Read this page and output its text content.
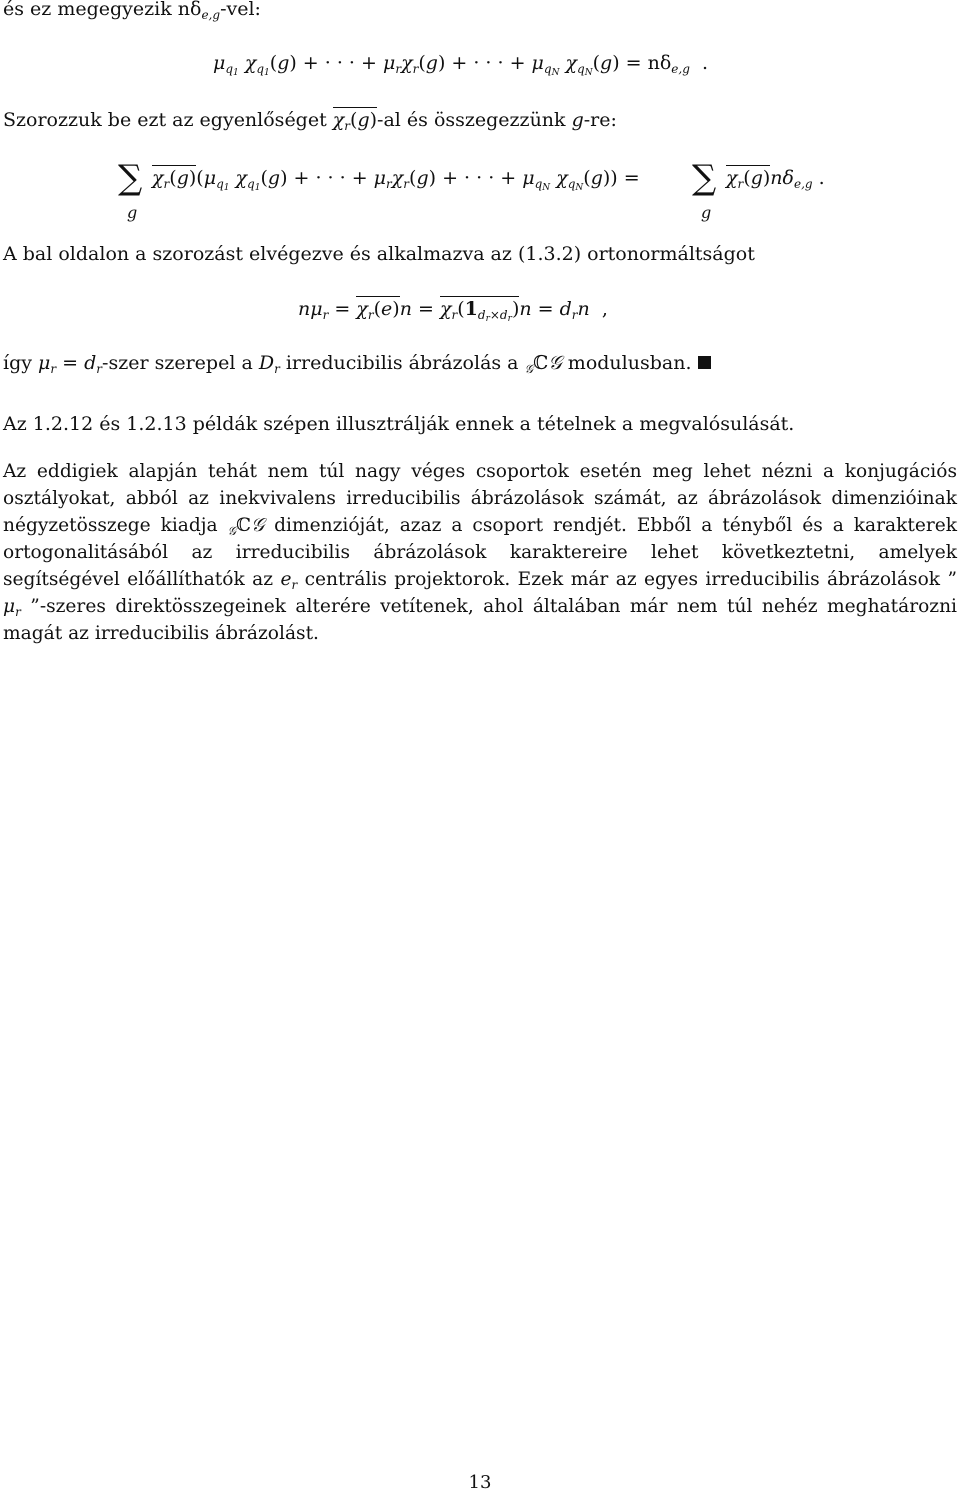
és ez megegyezik $n\delta_{e,g}$-vel:
$\mu_{q_1}$ $\chi_{q_1}(g)$ + · · · + $\mu_r\chi_r(g)$ + · · · + $\mu_{q_N}$ $\chi_{q_N}(g) = n\delta_{e,g}$ .
Szorozzuk be ezt az egyenlőséget $\chi_r(g)-al$ és összegezzünk g-re:
∑
g
$\chi_r(g)(\mu_{q_1}$ $\chi_{q_1}(g)$ + · · · + $\mu_r\chi_r(g)$ + · · · + $\mu_{q_N}$ $\chi_{q_N}(g)$) = ∑
g
$\chi_r(g)n\delta_{e,g}$ .
A bal oldalon a szorozást elvégezve és alkalmazva az (1.3.2) ortonormáltságot
$n\mu_r = \chi_r(e)n = \chi_r(1_{d_r\times d_r})n = d_rn$  ,
így $\mu_r$ = $d_r$-szer szerepel a $D_r$ irreducibilis ábrázolás a $_𝒢$ℂ𝒢 modulusban.
Az 1.2.12 és 1.2.13 példák szépen illusztrálják ennek a tételnek a megvalósulását.
Az eddigiek alapján tehát nem túl nagy véges csoportok esetén meg lehet nézni a konjugációs osztályokat, abból az inekvivalens irreducibilis ábrázolások számát, az ábrázolások dimenzióinak négyzetösszege kiadja $_𝒢$ℂ𝒢 dimenzióját, azaz a csoport rendjét. Ebből a tényből és a karakterek ortogonalitásából az irreducibilis ábrázolások karaktereire lehet következtetni, amelyek segítségével előállíthatók az $e_r$ centrális projektorok. Ezek már az egyes irreducibilis ábrázolások ” $\mu_r$ ”-szeres direktösszegeinek alterére vetítenek, ahol általában már nem túl nehéz meghatározni magát az irreducibilis ábrázolást.
13
